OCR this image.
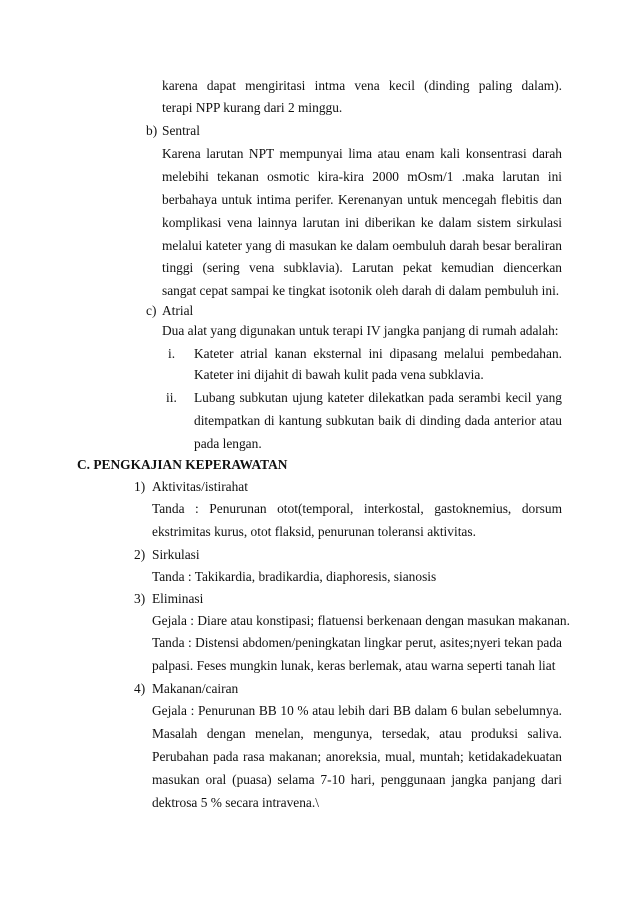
karena dapat mengiritasi intma vena kecil (dinding paling dalam).
terapi NPP kurang dari 2 minggu.
b) Sentral
Karena larutan NPT mempunyai lima atau enam kali konsentrasi darah
melebihi tekanan osmotic kira-kira 2000 mOsm/1 .maka larutan ini
berbahaya untuk intima perifer. Kerenanyan untuk mencegah flebitis dan
komplikasi vena lainnya larutan ini diberikan ke dalam sistem sirkulasi
melalui kateter yang di masukan ke dalam oembuluh darah besar beraliran
tinggi (sering vena subklavia). Larutan pekat kemudian diencerkan
sangat cepat sampai ke tingkat isotonik oleh darah di dalam pembuluh ini.
c) Atrial
Dua alat yang digunakan untuk terapi IV jangka panjang di rumah adalah:
i. Kateter atrial kanan eksternal ini dipasang melalui pembedahan.
Kateter ini dijahit di bawah kulit pada vena subklavia.
ii. Lubang subkutan ujung kateter dilekatkan pada serambi kecil yang
ditempatkan di kantung subkutan baik di dinding dada anterior atau
pada lengan.
C. PENGKAJIAN KEPERAWATAN
1) Aktivitas/istirahat
Tanda : Penurunan otot(temporal, interkostal, gastoknemius, dorsum
ekstrimitas kurus, otot flaksid, penurunan toleransi aktivitas.
2) Sirkulasi
Tanda : Takikardia, bradikardia, diaphoresis, sianosis
3) Eliminasi
Gejala : Diare atau konstipasi; flatuensi berkenaan dengan masukan makanan.
Tanda : Distensi abdomen/peningkatan lingkar perut, asites;nyeri tekan pada
palpasi. Feses mungkin lunak, keras berlemak, atau warna seperti tanah liat
4) Makanan/cairan
Gejala : Penurunan BB 10 % atau lebih dari BB dalam 6 bulan sebelumnya.
Masalah dengan menelan, mengunya, tersedak, atau produksi saliva.
Perubahan pada rasa makanan; anoreksia, mual, muntah; ketidakadekuatan
masukan oral (puasa) selama 7-10 hari, penggunaan jangka panjang dari
dektrosa 5 % secara intravena.\
